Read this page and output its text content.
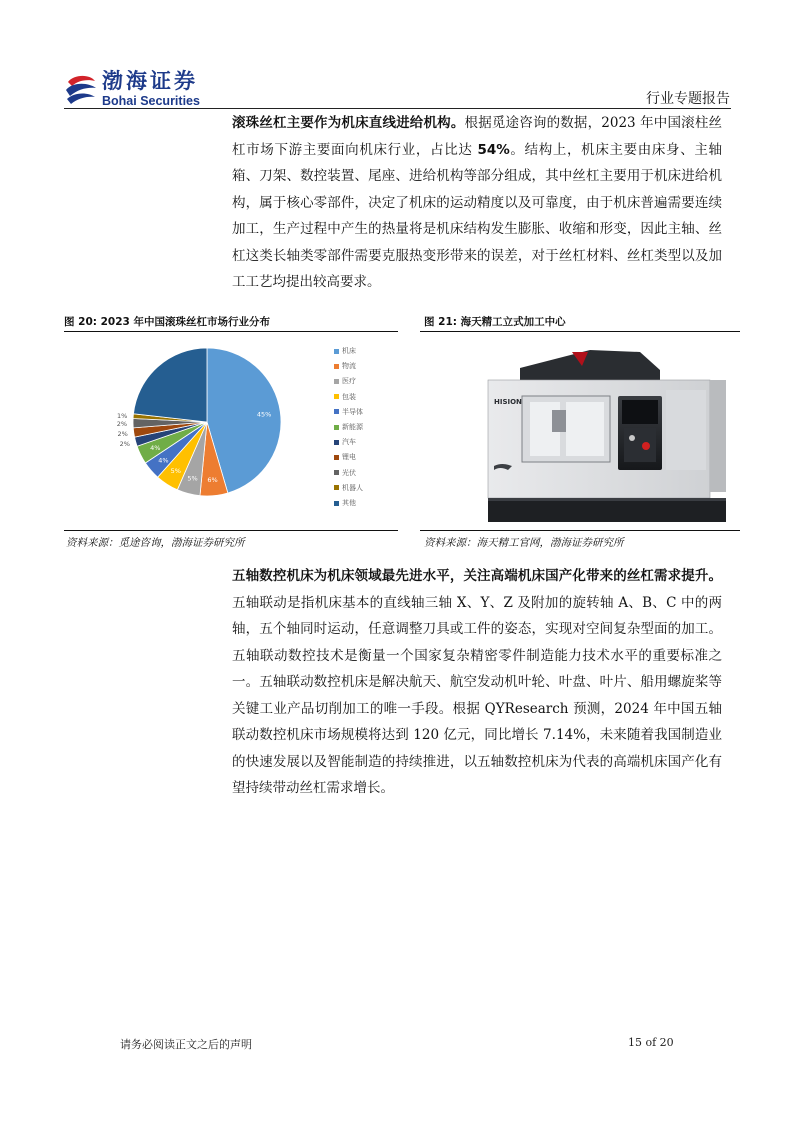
渤海证券
Bohai Securities	行业专题报告
滚珠丝杠主要作为机床直线进给机构。根据觅途咨询的数据，2023 年中国滚柱丝杠市场下游主要面向机床行业，占比达 54%。结构上，机床主要由床身、主轴箱、刀架、数控装置、尾座、进给机构等部分组成，其中丝杠主要用于机床进给机构，属于核心零部件，决定了机床的运动精度以及可靠度，由于机床普遍需要连续加工，生产过程中产生的热量将是机床结构发生膨胀、收缩和形变，因此主轴、丝杠这类长轴类零部件需要克服热变形带来的误差，对于丝杠材料、丝杠类型以及加工工艺均提出较高要求。
图 20: 2023 年中国滚珠丝杠市场行业分布
45%
6%
5%
5%
4%
4%
2%
2%
2%
1%
23%
机床
物流
医疗
包装
半导体
新能源
汽车
锂电
光伏
机器人
其他
资料来源：觅途咨询，渤海证券研究所
图 21: 海天精工立式加工中心
HISION
资料来源：海天精工官网，渤海证券研究所
五轴数控机床为机床领域最先进水平，关注高端机床国产化带来的丝杠需求提升。五轴联动是指机床基本的直线轴三轴 X、Y、Z 及附加的旋转轴 A、B、C 中的两轴，五个轴同时运动，任意调整刀具或工件的姿态，实现对空间复杂型面的加工。五轴联动数控技术是衡量一个国家复杂精密零件制造能力技术水平的重要标准之一。五轴联动数控机床是解决航天、航空发动机叶轮、叶盘、叶片、船用螺旋桨等关键工业产品切削加工的唯一手段。根据 QYResearch 预测，2024 年中国五轴联动数控机床市场规模将达到 120 亿元，同比增长 7.14%，未来随着我国制造业的快速发展以及智能制造的持续推进，以五轴数控机床为代表的高端机床国产化有望持续带动丝杠需求增长。
请务必阅读正文之后的声明	15 of 20
